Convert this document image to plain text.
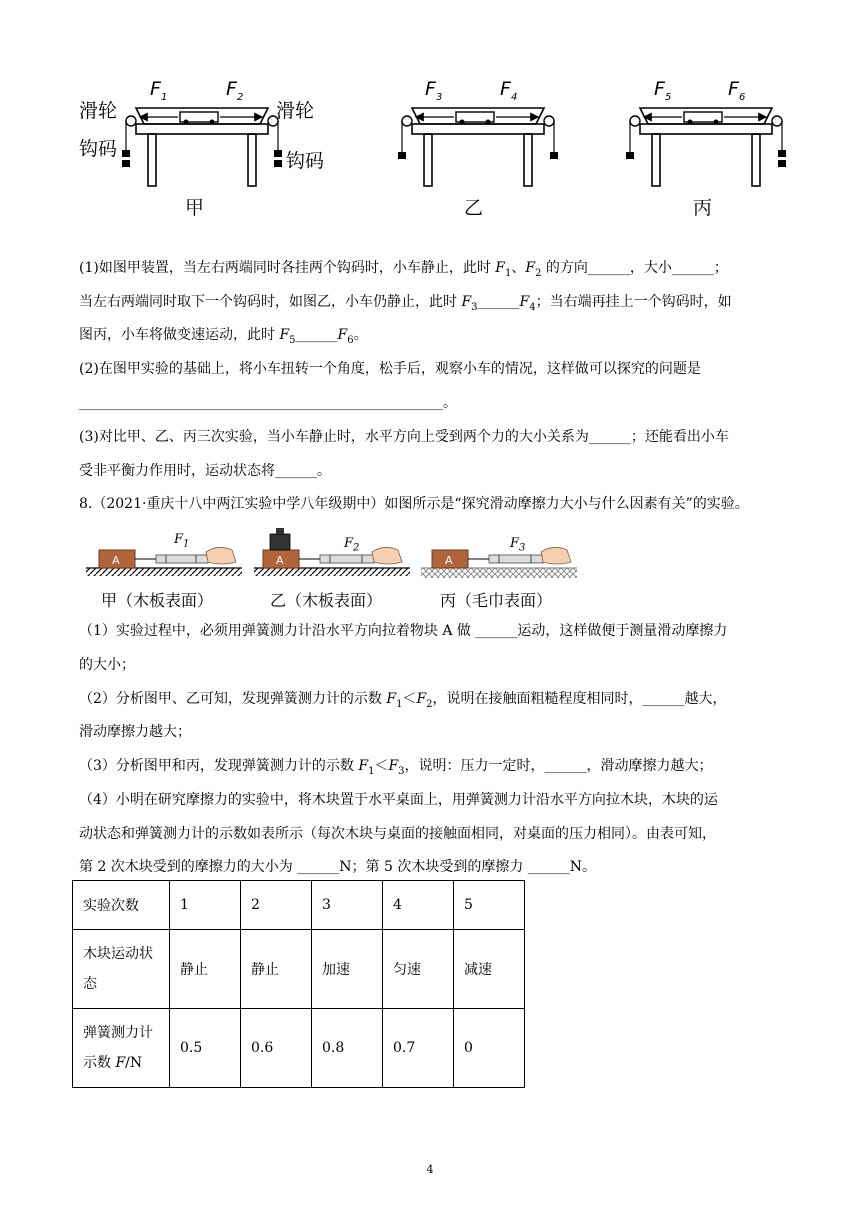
滑轮
钩码
滑轮
钩码
$F_1$	$F_2$	$F_3$	$F_4$	$F_5$	$F_6$
甲	乙	丙
(1)如图甲装置，当左右两端同时各挂两个钩码时，小车静止，此时 $F_1$、$F_2$ 的方向______，大小______；
当左右两端同时取下一个钩码时，如图乙，小车仍静止，此时 $F_3\_\_\_\_\_\_F_4$；当右端再挂上一个钩码时，如
图丙，小车将做变速运动，此时 $F_5\_\_\_\_\_\_F_6$。
(2)在图甲实验的基础上，将小车扭转一个角度，松手后，观察小车的情况，这样做可以探究的问题是
____________________________________________________。
(3)对比甲、乙、丙三次实验，当小车静止时，水平方向上受到两个力的大小关系为______；还能看出小车
受非平衡力作用时，运动状态将______。
8.（2021·重庆十八中两江实验中学八年级期中）如图所示是“探究滑动摩擦力大小与什么因素有关”的实验。
A	A	A
$F_1$	$F_2$	$F_3$
甲（木板表面）	乙（木板表面）	丙（毛巾表面）
（1）实验过程中，必须用弹簧测力计沿水平方向拉着物块 A 做 ______运动，这样做便于测量滑动摩擦力
的大小；
（2）分析图甲、乙可知，发现弹簧测力计的示数 $F_1<F_2$，说明在接触面粗糙程度相同时，______越大，
滑动摩擦力越大；
（3）分析图甲和丙，发现弹簧测力计的示数 $F_1<F_3$，说明：压力一定时，______，滑动摩擦力越大；
（4）小明在研究摩擦力的实验中，将木块置于水平桌面上，用弹簧测力计沿水平方向拉木块，木块的运
动状态和弹簧测力计的示数如表所示（每次木块与桌面的接触面相同，对桌面的压力相同）。由表可知，
第 2 次木块受到的摩擦力的大小为 ______N；第 5 次木块受到的摩擦力 ______N。
实验次数	1	2	3	4	5
木块运动状
态	静止	静止	加速	匀速	减速
弹簧测力计
示数 F/N	0.5	0.6	0.8	0.7	0
4
